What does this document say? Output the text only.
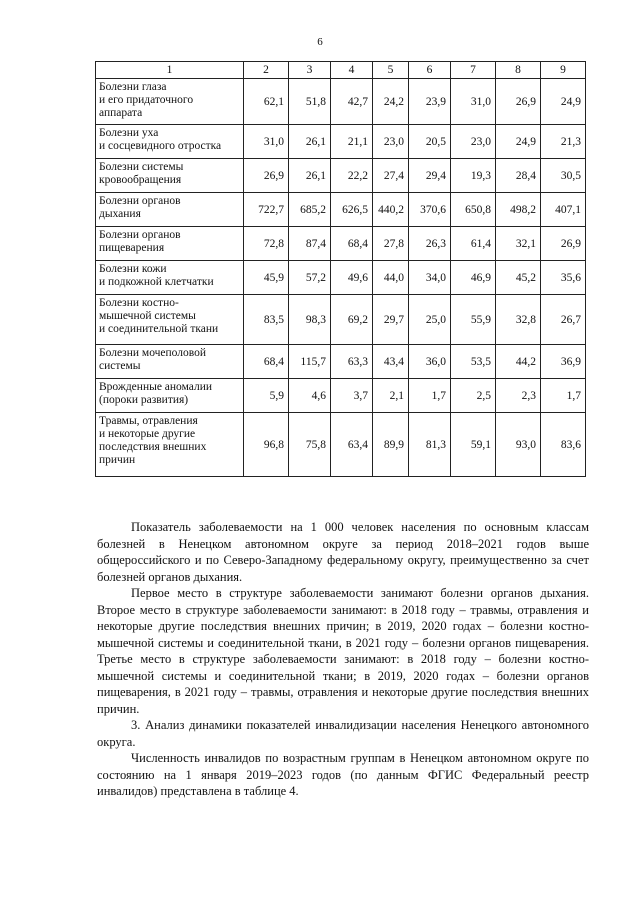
6
1	2	3	4	5	6	7	8	9

Болезни глаза
и его придаточного
аппарата	62,1	51,8	42,7	24,2	23,9	31,0	26,9	24,9

Болезни уха
и сосцевидного отростка	31,0	26,1	21,1	23,0	20,5	23,0	24,9	21,3

Болезни системы
кровообращения	26,9	26,1	22,2	27,4	29,4	19,3	28,4	30,5

Болезни органов
дыхания	722,7	685,2	626,5	440,2	370,6	650,8	498,2	407,1

Болезни органов
пищеварения	72,8	87,4	68,4	27,8	26,3	61,4	32,1	26,9

Болезни кожи
и подкожной клетчатки	45,9	57,2	49,6	44,0	34,0	46,9	45,2	35,6

Болезни костно-
мышечной системы
и соединительной ткани	83,5	98,3	69,2	29,7	25,0	55,9	32,8	26,7

Болезни мочеполовой
системы	68,4	115,7	63,3	43,4	36,0	53,5	44,2	36,9

Врожденные аномалии
(пороки развития)	5,9	4,6	3,7	2,1	1,7	2,5	2,3	1,7

Травмы, отравления
и некоторые другие
последствия внешних
причин	96,8	75,8	63,4	89,9	81,3	59,1	93,0	83,6

Показатель заболеваемости на 1 000 человек населения по основным классам болезней в Ненецком автономном округе за период 2018–2021 годов выше общероссийского и по Северо-Западному федеральному округу, преимущественно за счет болезней органов дыхания.

Первое место в структуре заболеваемости занимают болезни органов дыхания. Второе место в структуре заболеваемости занимают: в 2018 году – травмы, отравления и некоторые другие последствия внешних причин; в 2019, 2020 годах – болезни костно-мышечной системы и соединительной ткани, в 2021 году – болезни органов пищеварения. Третье место в структуре заболеваемости занимают: в 2018 году – болезни костно-мышечной системы и соединительной ткани; в 2019, 2020 годах – болезни органов пищеварения, в 2021 году – травмы, отравления и некоторые другие последствия внешних причин.

3. Анализ динамики показателей инвалидизации населения Ненецкого автономного округа.

Численность инвалидов по возрастным группам в Ненецком автономном округе по состоянию на 1 января 2019–2023 годов (по данным ФГИС Федеральный реестр инвалидов) представлена в таблице 4.
